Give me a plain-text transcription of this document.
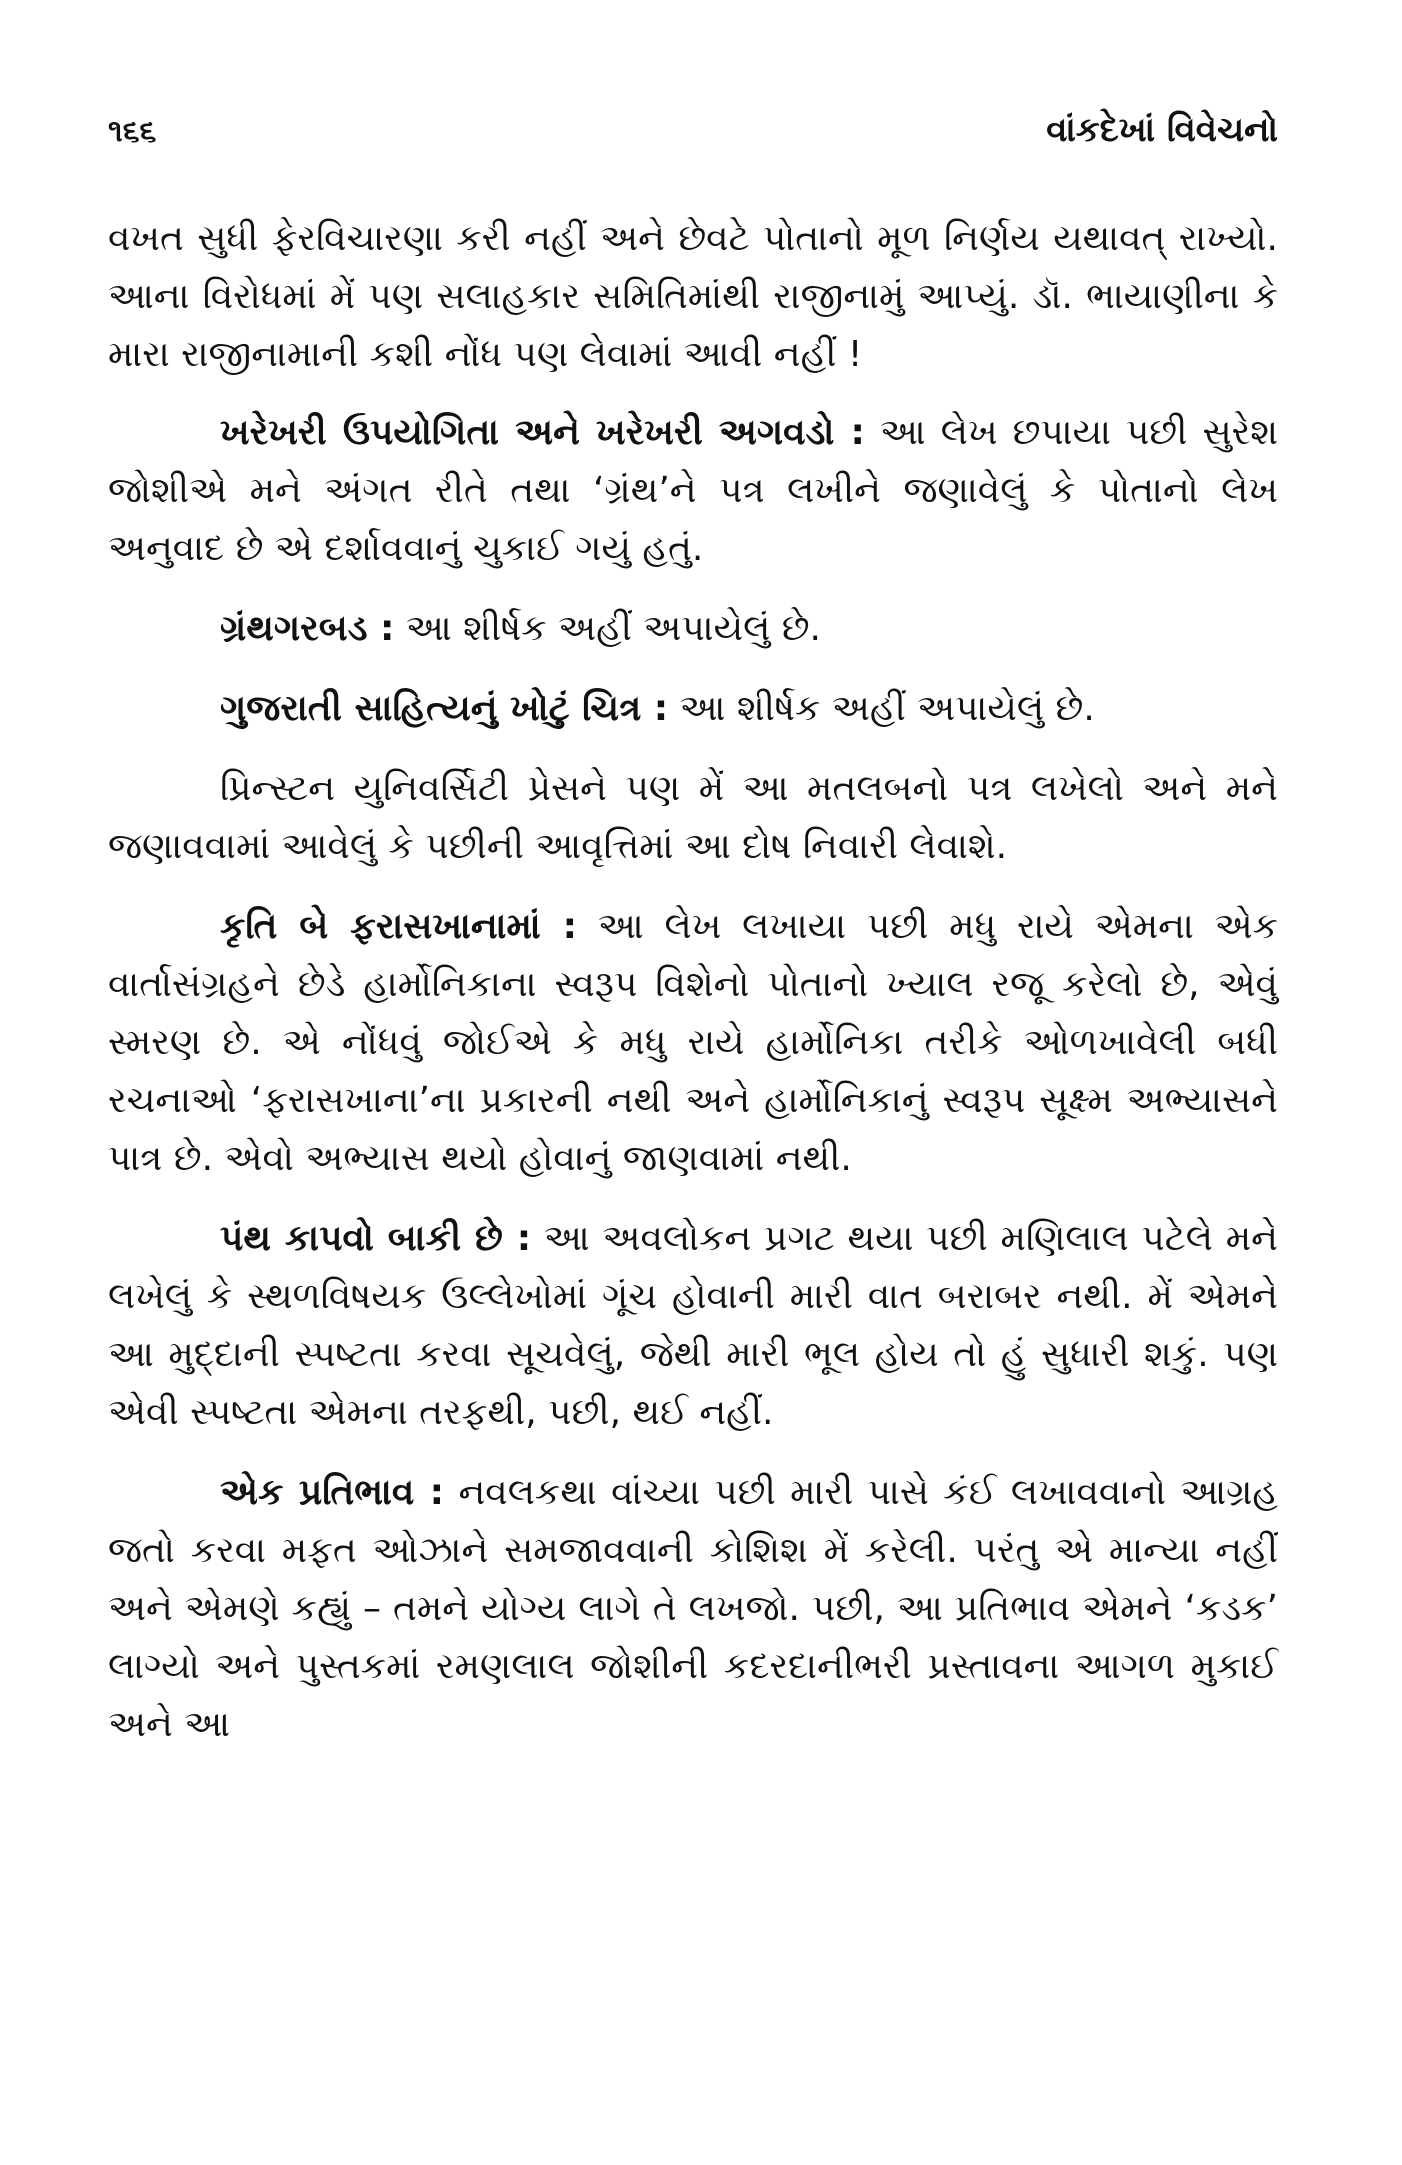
૧૬૬	વાંકદેખાં વિવેચનો

વખત સુધી ફેરવિચારણા કરી નહીં અને છેવટે પોતાનો મૂળ નિર્ણય યથાવત્ રાખ્યો. આના વિરોધમાં મેં પણ સલાહકાર સમિતિમાંથી રાજીનામું આપ્યું. ડૉ. ભાયાણીના કે મારા રાજીનામાની કશી નોંધ પણ લેવામાં આવી નહીં !

ખરેખરી ઉપયોગિતા અને ખરેખરી અગવડો : આ લેખ છપાયા પછી સુરેશ જોશીએ મને અંગત રીતે તથા ‘ગ્રંથ’ને પત્ર લખીને જણાવેલું કે પોતાનો લેખ અનુવાદ છે એ દર્શાવવાનું ચુકાઈ ગયું હતું.

ગ્રંથગરબડ : આ શીર્ષક અહીં અપાયેલું છે.

ગુજરાતી સાહિત્યનું ખોટું ચિત્ર : આ શીર્ષક અહીં અપાયેલું છે.

પ્રિન્સ્ટન યુનિવર્સિટી પ્રેસને પણ મેં આ મતલબનો પત્ર લખેલો અને મને જણાવવામાં આવેલું કે પછીની આવૃત્તિમાં આ દોષ નિવારી લેવાશે.

કૃતિ બે ફરાસખાનામાં : આ લેખ લખાયા પછી મધુ રાયે એમના એક વાર્તાસંગ્રહને છેડે હાર્મોનિકાના સ્વરૂપ વિશેનો પોતાનો ખ્યાલ રજૂ કરેલો છે, એવું સ્મરણ છે. એ નોંધવું જોઈએ કે મધુ રાયે હાર્મોનિકા તરીકે ઓળખાવેલી બધી રચનાઓ ‘ફરાસખાના’ના પ્રકારની નથી અને હાર્મોનિકાનું સ્વરૂપ સૂક્ષ્મ અભ્યાસને પાત્ર છે. એવો અભ્યાસ થયો હોવાનું જાણવામાં નથી.

પંથ કાપવો બાકી છે : આ અવલોકન પ્રગટ થયા પછી મણિલાલ પટેલે મને લખેલું કે સ્થળવિષયક ઉલ્લેખોમાં ગૂંચ હોવાની મારી વાત બરાબર નથી. મેં એમને આ મુદ્દાની સ્પષ્ટતા કરવા સૂચવેલું, જેથી મારી ભૂલ હોય તો હું સુધારી શકું. પણ એવી સ્પષ્ટતા એમના તરફથી, પછી, થઈ નહીં.

એક પ્રતિભાવ : નવલકથા વાંચ્યા પછી મારી પાસે કંઈ લખાવવાનો આગ્રહ જતો કરવા મફત ઓઝાને સમજાવવાની કોશિશ મેં કરેલી. પરંતુ એ માન્યા નહીં અને એમણે કહ્યું – તમને યોગ્ય લાગે તે લખજો. પછી, આ પ્રતિભાવ એમને ‘કડક’ લાગ્યો અને પુસ્તકમાં રમણલાલ જોશીની કદરદાનીભરી પ્રસ્તાવના આગળ મુકાઈ અને આ
